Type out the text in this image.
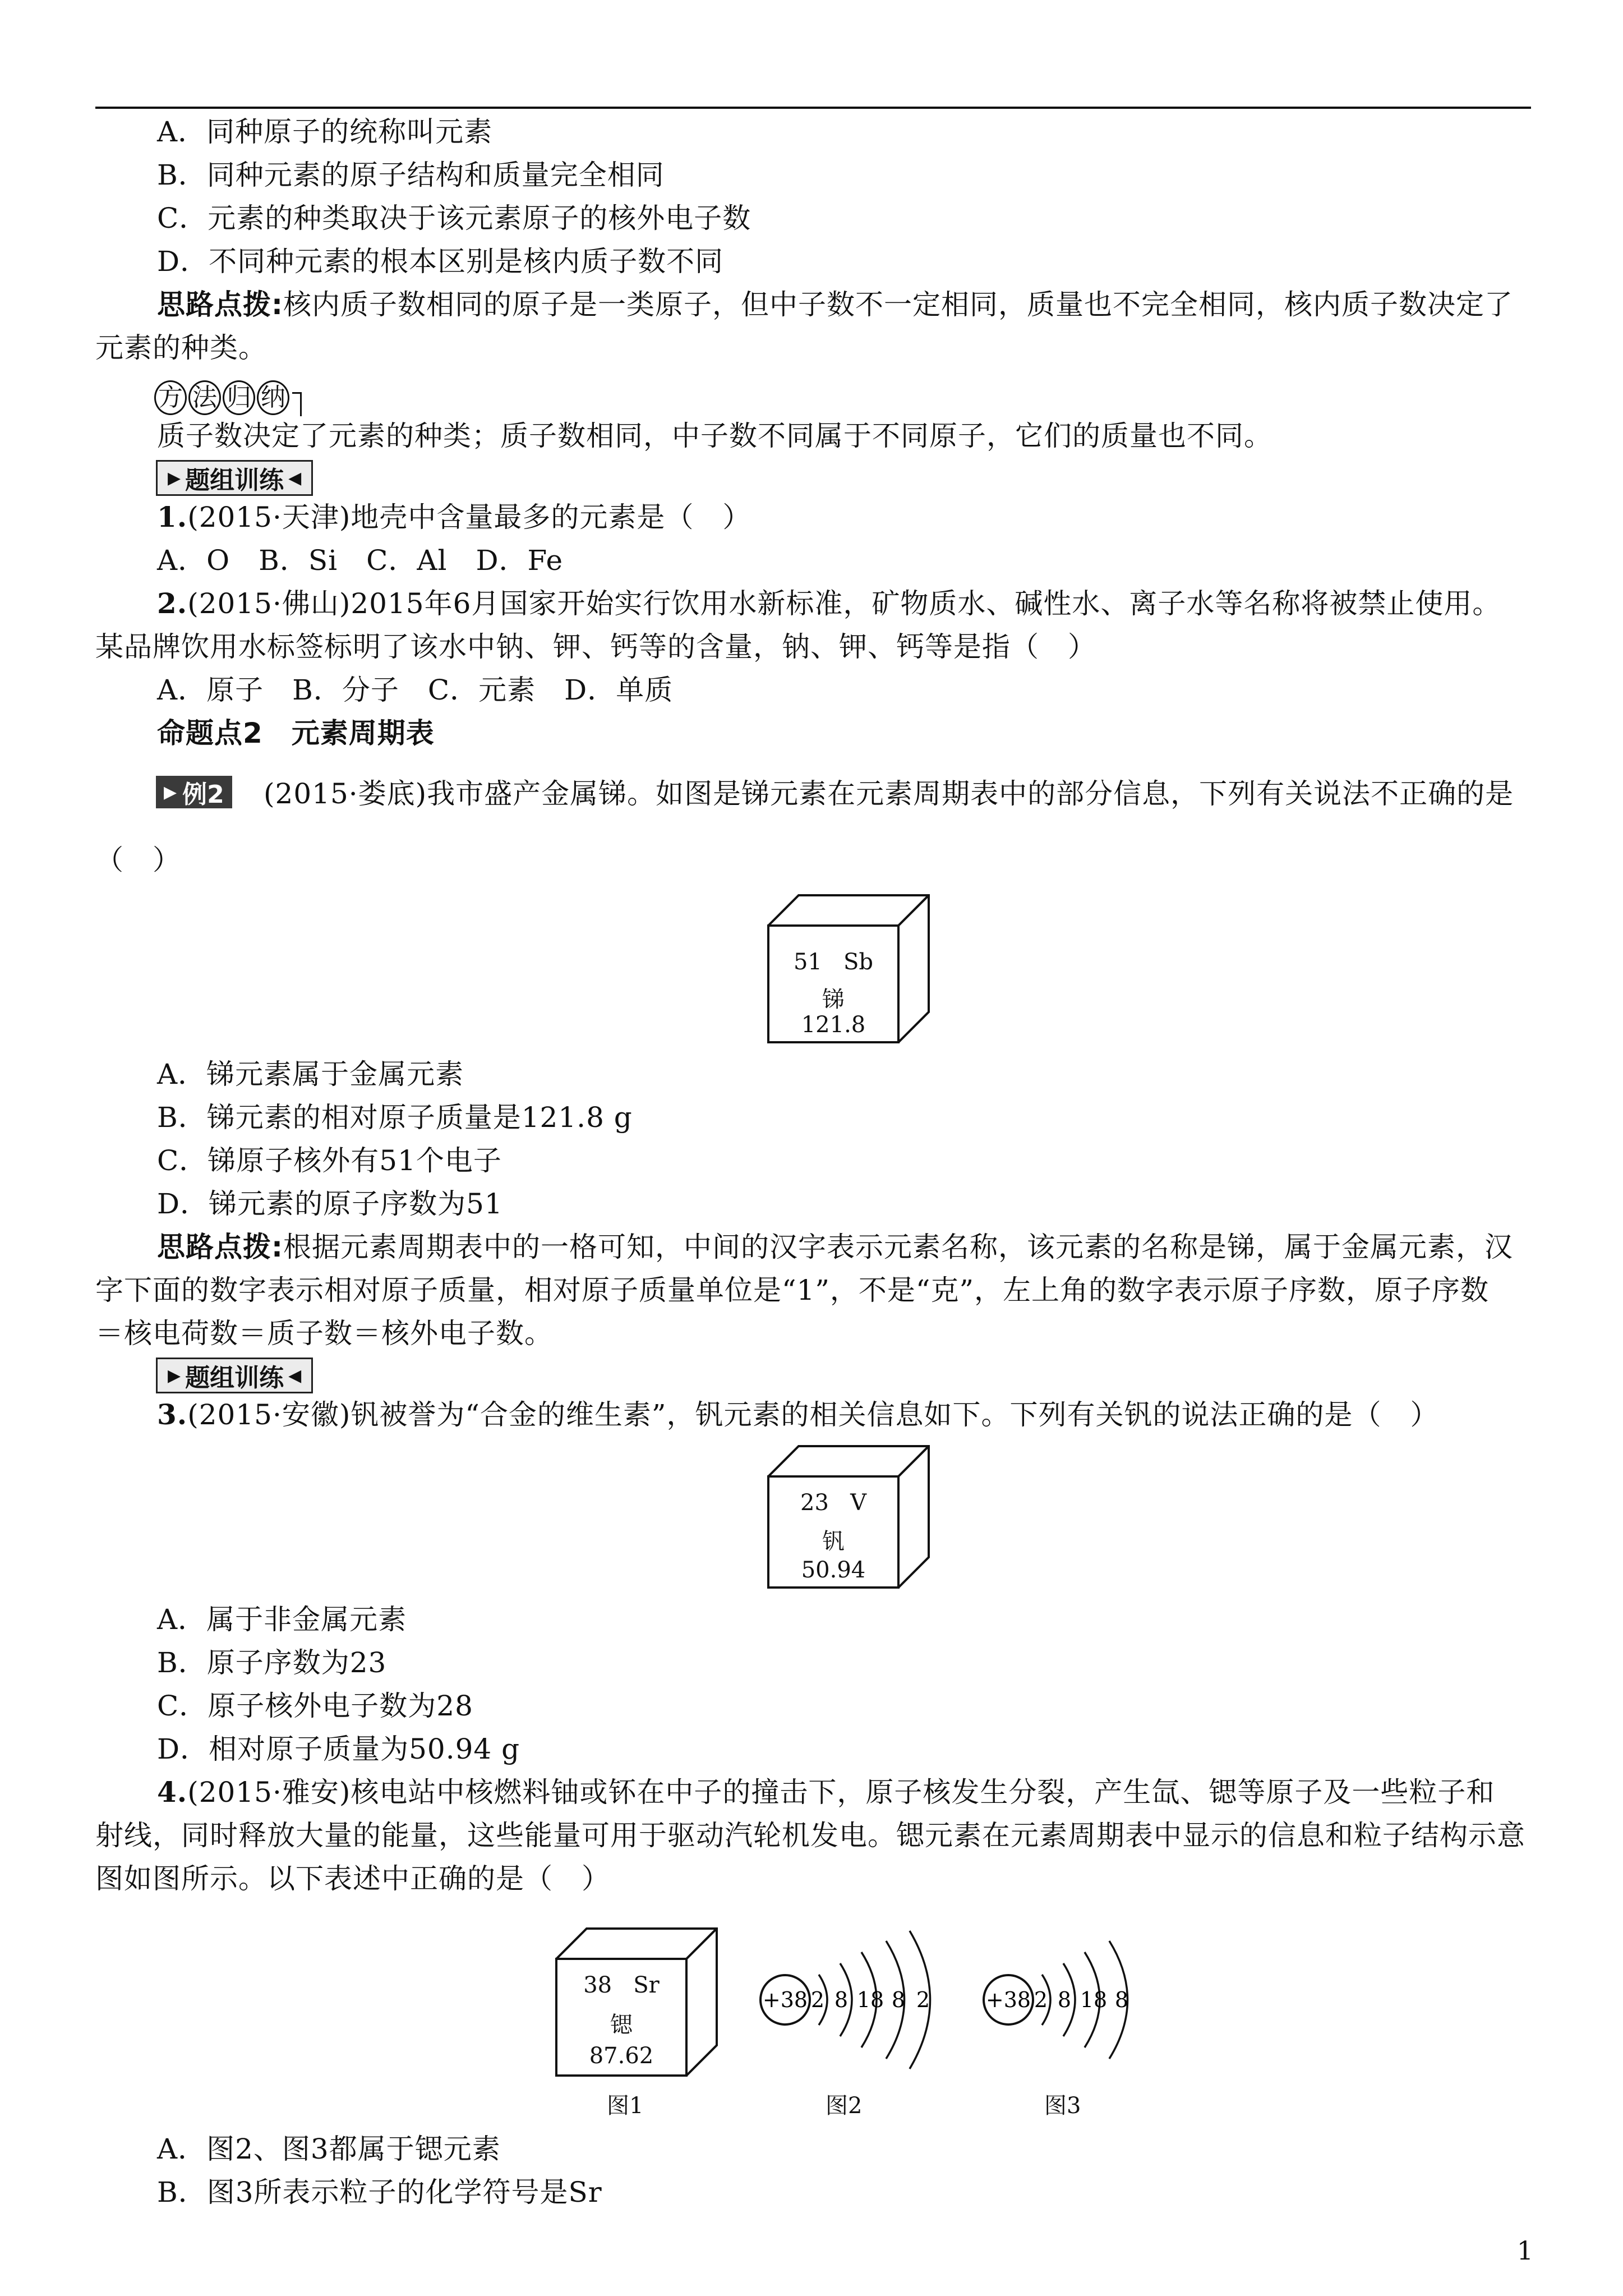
A．同种原子的统称叫元素

B．同种元素的原子结构和质量完全相同

C．元素的种类取决于该元素原子的核外电子数

D．不同种元素的根本区别是核内质子数不同

思路点拨:核内质子数相同的原子是一类原子，但中子数不一定相同，质量也不完全相同，核内质子数决定了

元素的种类。

方 法 归 纳

质子数决定了元素的种类；质子数相同，中子数不同属于不同原子，它们的质量也不同。

▶ 题组训练 ◀

1.(2015·天津)地壳中含量最多的元素是（　）

A．O　B．Si　C．Al　D．Fe

2.(2015·佛山)2015年6月国家开始实行饮用水新标准，矿物质水、碱性水、离子水等名称将被禁止使用。

某品牌饮用水标签标明了该水中钠、钾、钙等的含量，钠、钾、钙等是指（　）

A．原子　B．分子　C．元素　D．单质

命题点2　元素周期表

▶ 例2 (2015·娄底)我市盛产金属锑。如图是锑元素在元素周期表中的部分信息，下列有关说法不正确的是

（　）

51 Sb
锑
121.8

A．锑元素属于金属元素

B．锑元素的相对原子质量是121.8 g

C．锑原子核外有51个电子

D．锑元素的原子序数为51

思路点拨:根据元素周期表中的一格可知，中间的汉字表示元素名称，该元素的名称是锑，属于金属元素，汉

字下面的数字表示相对原子质量，相对原子质量单位是“1”，不是“克”，左上角的数字表示原子序数，原子序数

＝核电荷数＝质子数＝核外电子数。

▶ 题组训练 ◀

3.(2015·安徽)钒被誉为“合金的维生素”，钒元素的相关信息如下。下列有关钒的说法正确的是（　）

23 V
钒
50.94

A．属于非金属元素

B．原子序数为23

C．原子核外电子数为28

D．相对原子质量为50.94 g

4.(2015·雅安)核电站中核燃料铀或钚在中子的撞击下，原子核发生分裂，产生氙、锶等原子及一些粒子和

射线，同时释放大量的能量，这些能量可用于驱动汽轮机发电。锶元素在元素周期表中显示的信息和粒子结构示意

图如图所示。以下表述中正确的是（　）

38 Sr
锶
87.62
图1
+38 2 8 18 8 2
图2
+38 2 8 18 8
图3

A．图2、图3都属于锶元素

B．图3所表示粒子的化学符号是Sr

1
